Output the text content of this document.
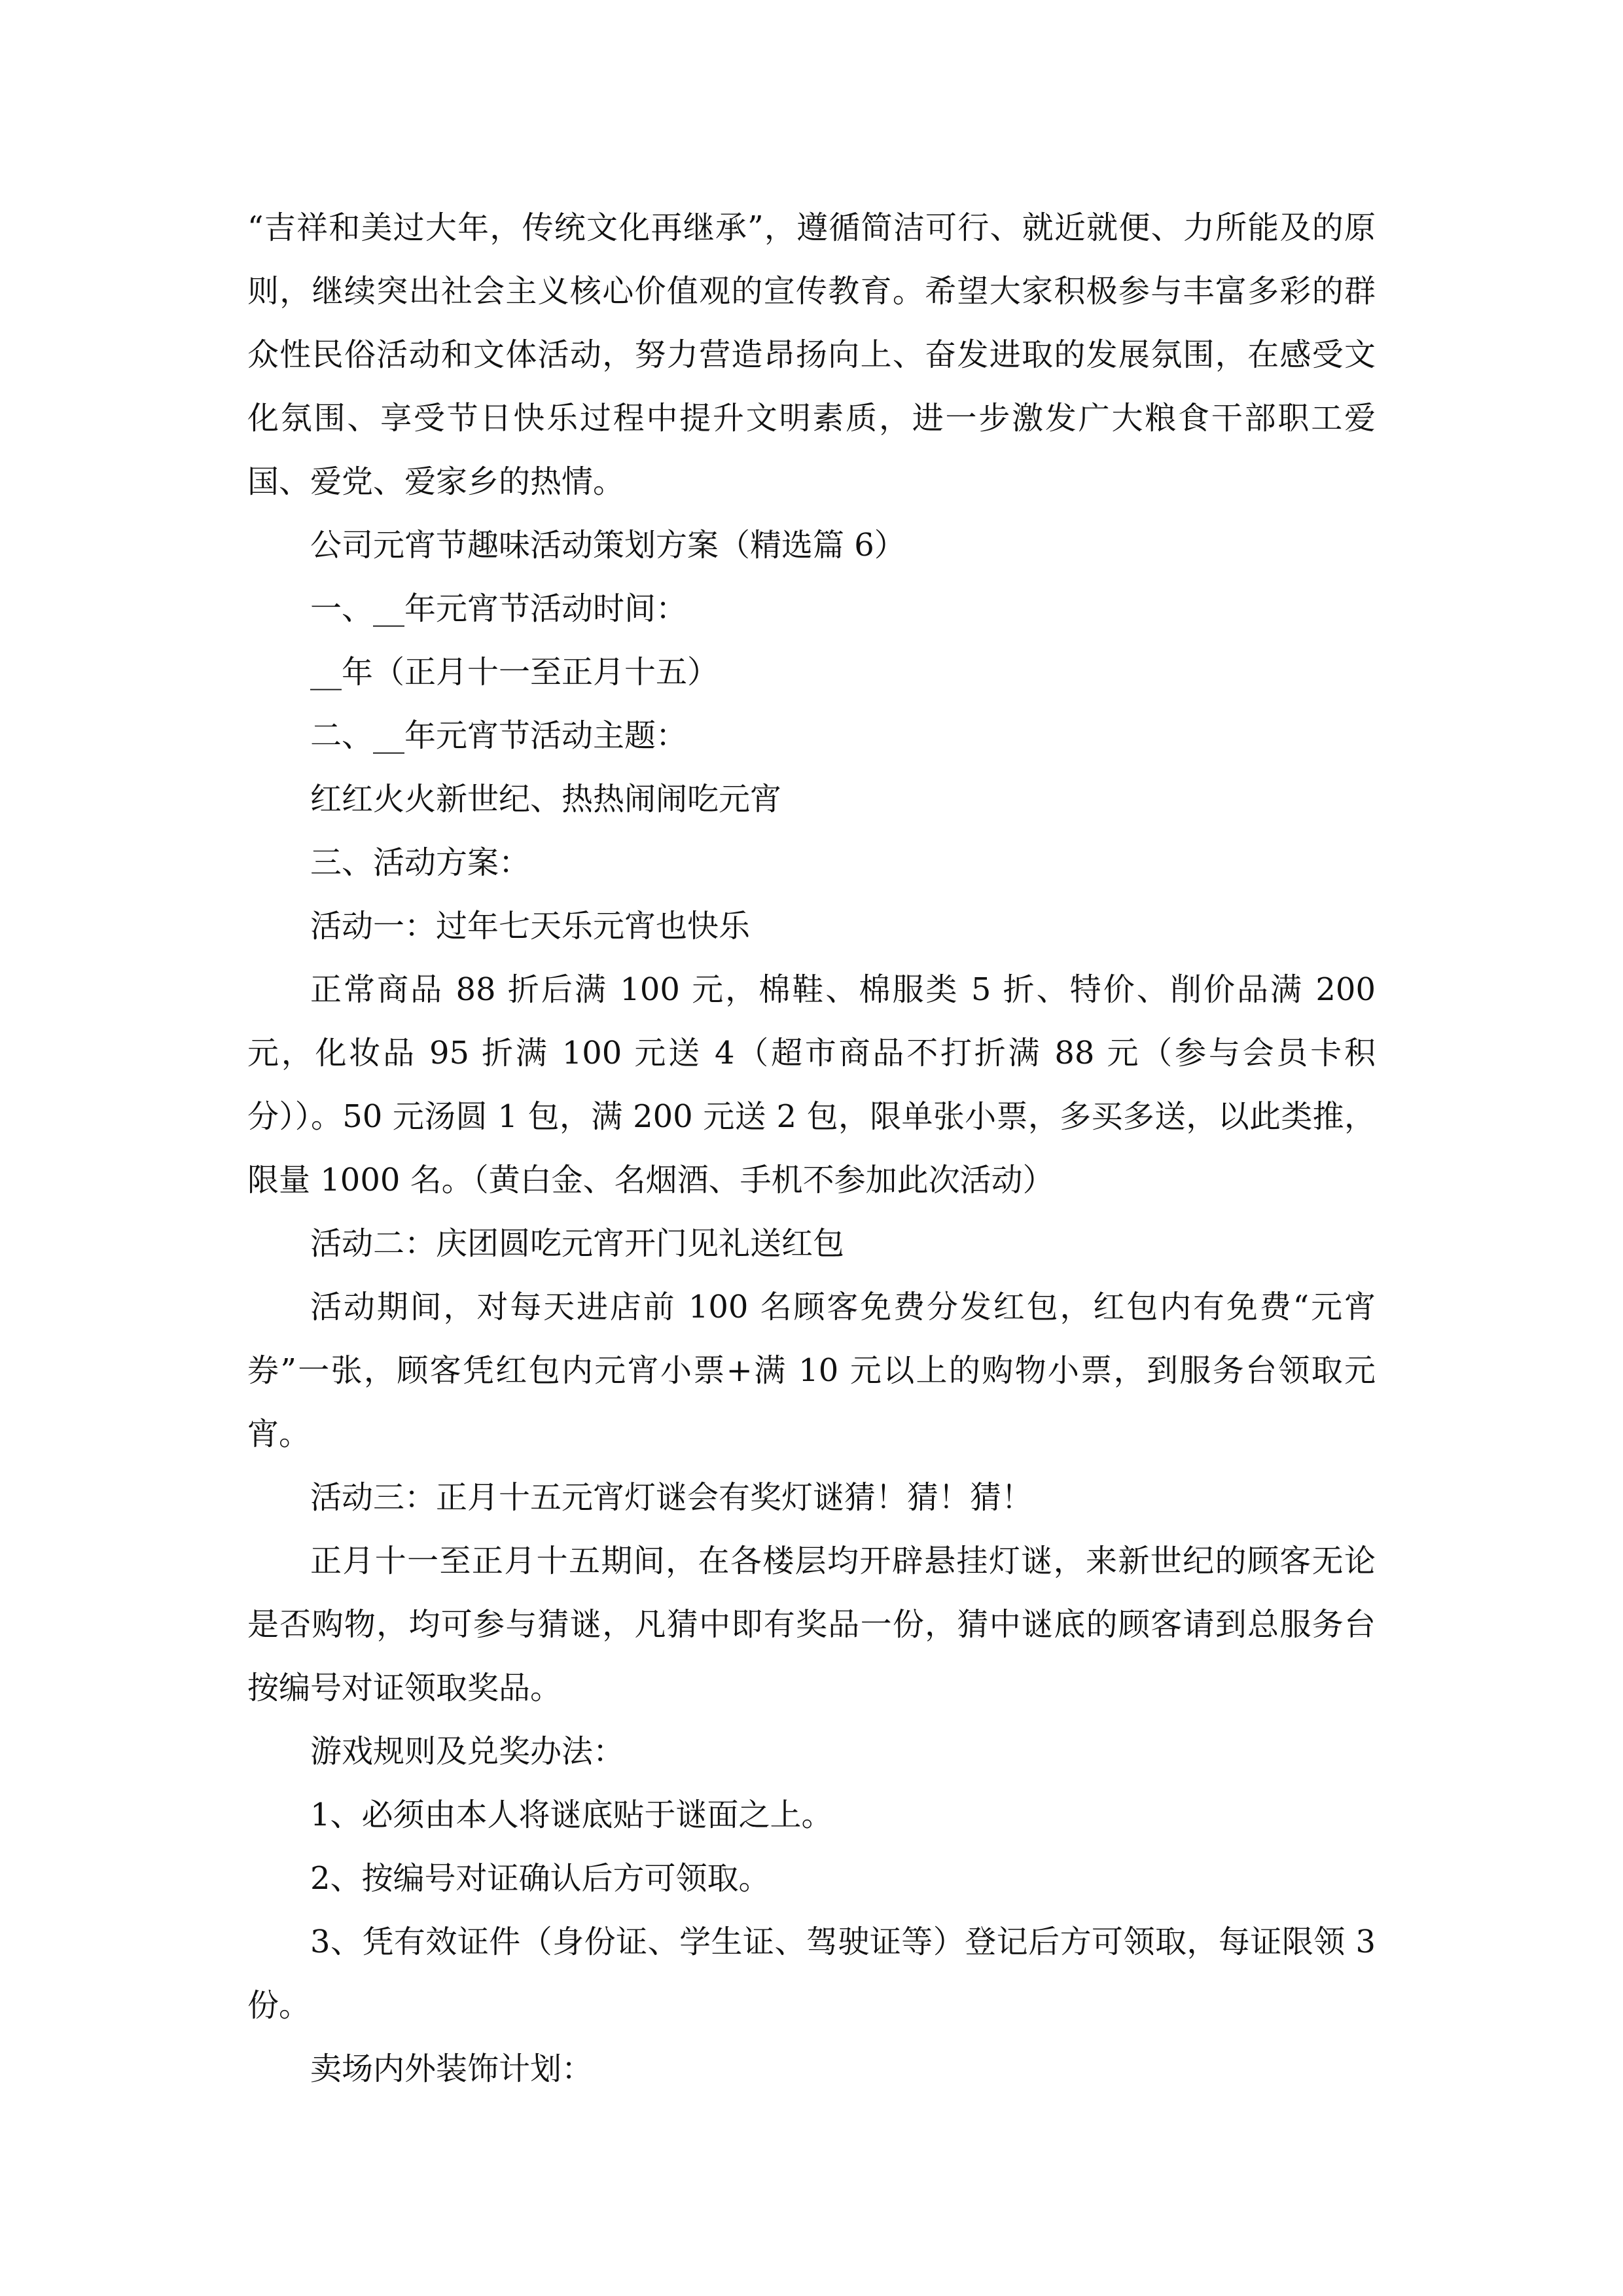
“吉祥和美过大年，传统文化再继承”，遵循简洁可行、就近就便、力所能及的原则，继续突出社会主义核心价值观的宣传教育。希望大家积极参与丰富多彩的群众性民俗活动和文体活动，努力营造昂扬向上、奋发进取的发展氛围，在感受文化氛围、享受节日快乐过程中提升文明素质，进一步激发广大粮食干部职工爱国、爱党、爱家乡的热情。

公司元宵节趣味活动策划方案（精选篇 6）

一、__年元宵节活动时间：

__年（正月十一至正月十五）

二、__年元宵节活动主题：

红红火火新世纪、热热闹闹吃元宵

三、活动方案：

活动一：过年七天乐元宵也快乐

正常商品 88 折后满 100 元，棉鞋、棉服类 5 折、特价、削价品满 200 元，化妆品 95 折满 100 元送 4（超市商品不打折满 88 元（参与会员卡积分））。50 元汤圆 1 包，满 200 元送 2 包，限单张小票，多买多送，以此类推，限量 1000 名。（黄白金、名烟酒、手机不参加此次活动）

活动二：庆团圆吃元宵开门见礼送红包

活动期间，对每天进店前 100 名顾客免费分发红包，红包内有免费“元宵券”一张，顾客凭红包内元宵小票+满 10 元以上的购物小票，到服务台领取元宵。

活动三：正月十五元宵灯谜会有奖灯谜猜！猜！猜！

正月十一至正月十五期间，在各楼层均开辟悬挂灯谜，来新世纪的顾客无论是否购物，均可参与猜谜，凡猜中即有奖品一份，猜中谜底的顾客请到总服务台按编号对证领取奖品。

游戏规则及兑奖办法：

1、必须由本人将谜底贴于谜面之上。

2、按编号对证确认后方可领取。

3、凭有效证件（身份证、学生证、驾驶证等）登记后方可领取，每证限领 3 份。

卖场内外装饰计划：
